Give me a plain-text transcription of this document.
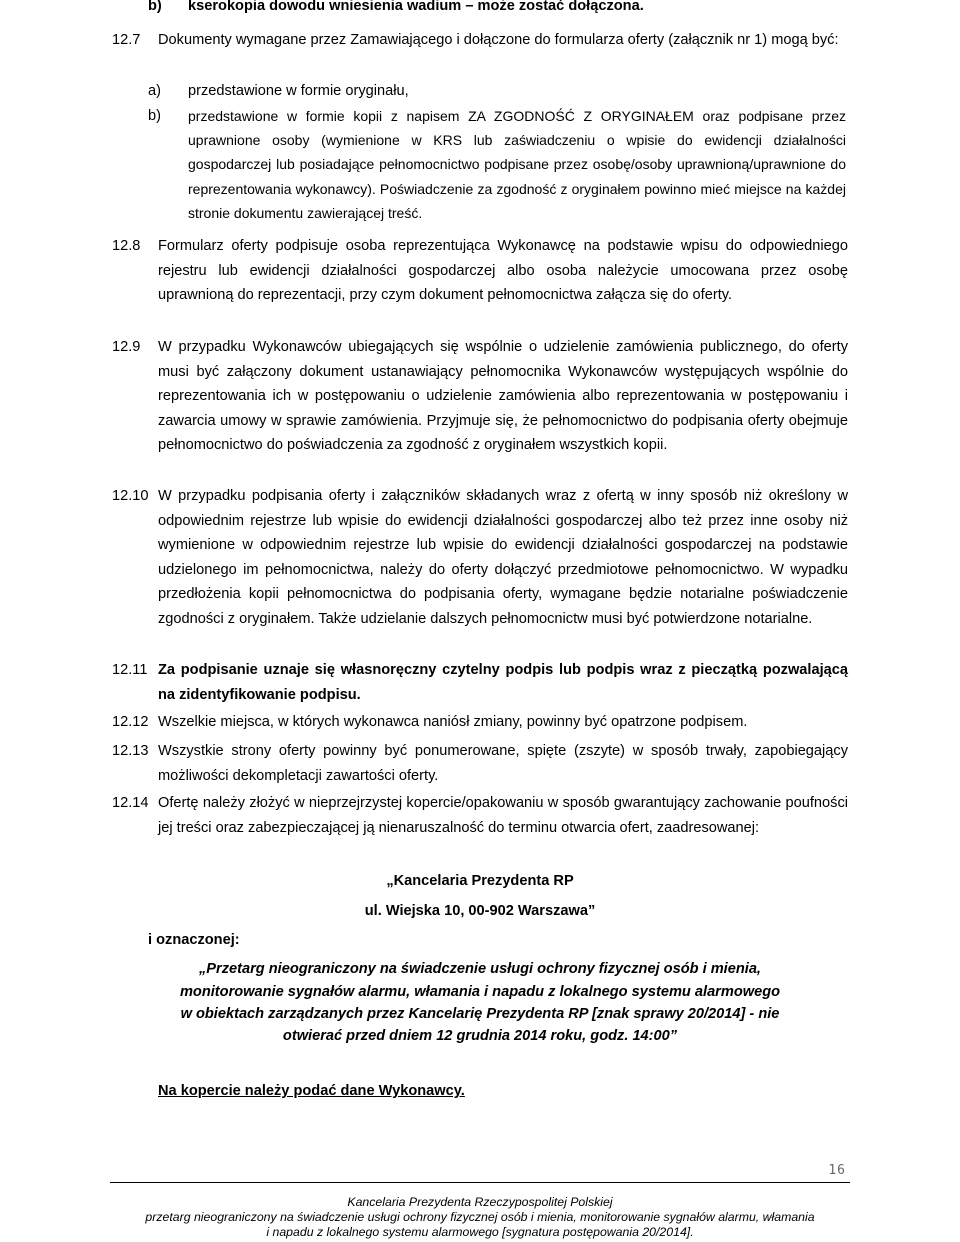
b) kserokopia dowodu wniesienia wadium – może zostać dołączona.
12.7 Dokumenty wymagane przez Zamawiającego i dołączone do formularza oferty (załącznik nr 1) mogą być:
a) przedstawione w formie oryginału,
b) przedstawione w formie kopii z napisem ZA ZGODNOŚĆ Z ORYGINAŁEM oraz podpisane przez uprawnione osoby (wymienione w KRS lub zaświadczeniu o wpisie do ewidencji działalności gospodarczej lub posiadające pełnomocnictwo podpisane przez osobę/osoby uprawnioną/uprawnione do reprezentowania wykonawcy). Poświadczenie za zgodność z oryginałem powinno mieć miejsce na każdej stronie dokumentu zawierającej treść.
12.8 Formularz oferty podpisuje osoba reprezentująca Wykonawcę na podstawie wpisu do odpowiedniego rejestru lub ewidencji działalności gospodarczej albo osoba należycie umocowana przez osobę uprawnioną do reprezentacji, przy czym dokument pełnomocnictwa załącza się do oferty.
12.9 W przypadku Wykonawców ubiegających się wspólnie o udzielenie zamówienia publicznego, do oferty musi być załączony dokument ustanawiający pełnomocnika Wykonawców występujących wspólnie do reprezentowania ich w postępowaniu o udzielenie zamówienia albo reprezentowania w postępowaniu i zawarcia umowy w sprawie zamówienia. Przyjmuje się, że pełnomocnictwo do podpisania oferty obejmuje pełnomocnictwo do poświadczenia za zgodność z oryginałem wszystkich kopii.
12.10 W przypadku podpisania oferty i załączników składanych wraz z ofertą w inny sposób niż określony w odpowiednim rejestrze lub wpisie do ewidencji działalności gospodarczej albo też przez inne osoby niż wymienione w odpowiednim rejestrze lub wpisie do ewidencji działalności gospodarczej na podstawie udzielonego im pełnomocnictwa, należy do oferty dołączyć przedmiotowe pełnomocnictwo. W wypadku przedłożenia kopii pełnomocnictwa do podpisania oferty, wymagane będzie notarialne poświadczenie zgodności z oryginałem. Także udzielanie dalszych pełnomocnictw musi być potwierdzone notarialne.
12.11 Za podpisanie uznaje się własnoręczny czytelny podpis lub podpis wraz z pieczątką pozwalającą na zidentyfikowanie podpisu.
12.12 Wszelkie miejsca, w których wykonawca naniósł zmiany, powinny być opatrzone podpisem.
12.13 Wszystkie strony oferty powinny być ponumerowane, spięte (zszyte) w sposób trwały, zapobiegający możliwości dekompletacji zawartości oferty.
12.14 Ofertę należy złożyć w nieprzejrzystej kopercie/opakowaniu w sposób gwarantujący zachowanie poufności jej treści oraz zabezpieczającej ją nienaruszalność do terminu otwarcia ofert, zaadresowanej:
„Kancelaria Prezydenta RP
ul. Wiejska 10, 00-902 Warszawa”
i oznaczonej:
„Przetarg nieograniczony na świadczenie usługi ochrony fizycznej osób i mienia,
monitorowanie sygnałów alarmu, włamania i napadu z lokalnego systemu alarmowego
w obiektach zarządzanych przez Kancelarię Prezydenta RP [znak sprawy 20/2014] - nie
otwierać przed dniem 12 grudnia 2014 roku, godz. 14:00”
Na kopercie należy podać dane Wykonawcy.
16
Kancelaria Prezydenta Rzeczypospolitej Polskiej
przetarg nieograniczony na świadczenie usługi ochrony fizycznej osób i mienia, monitorowanie sygnałów alarmu, włamania
i napadu z lokalnego systemu alarmowego [sygnatura postępowania 20/2014].
